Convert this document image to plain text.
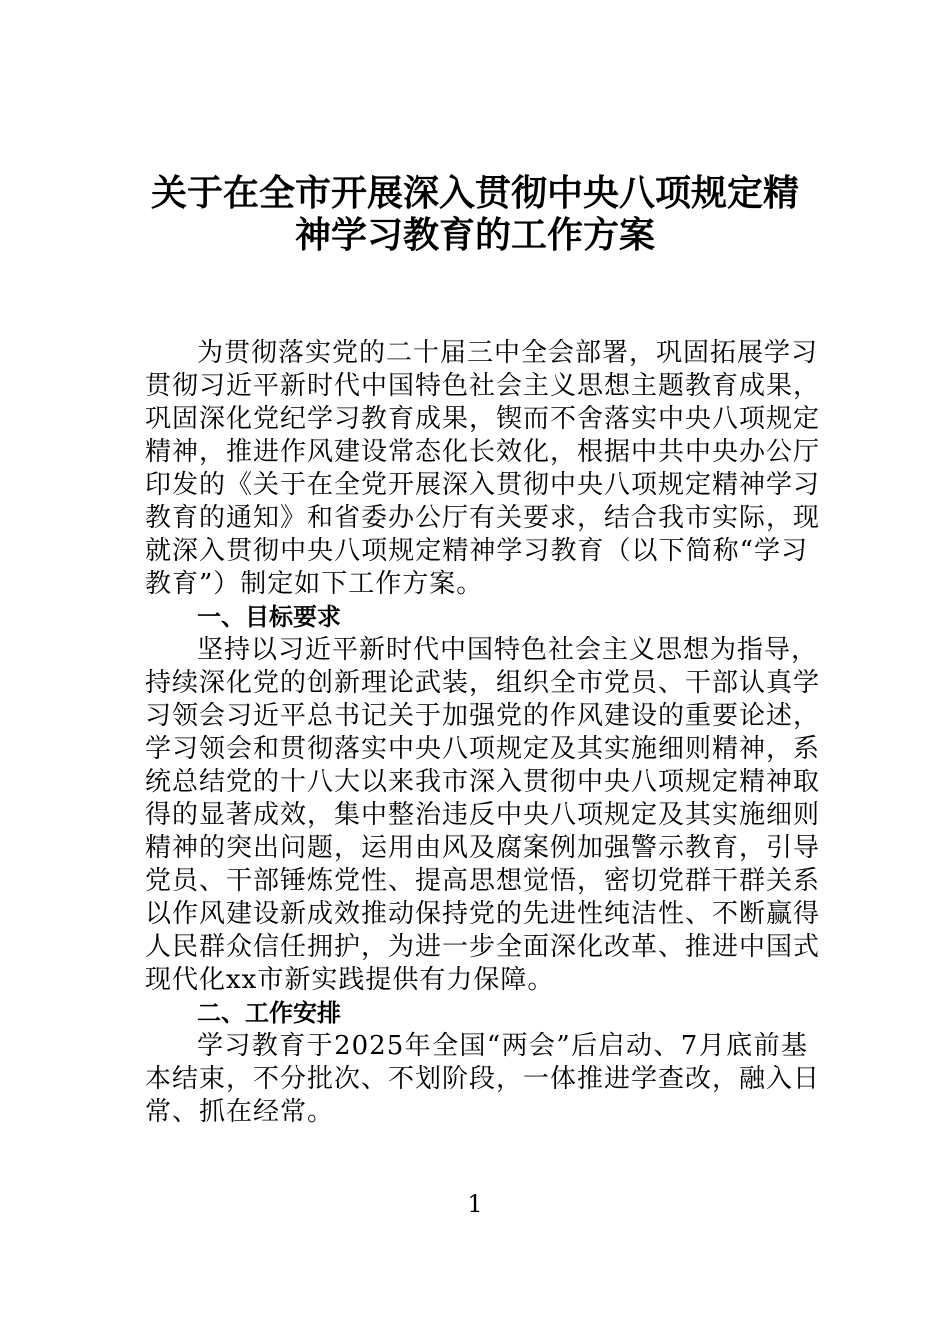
关于在全市开展深入贯彻中央八项规定精
神学习教育的工作方案
为贯彻落实党的二十届三中全会部署，巩固拓展学习
贯彻习近平新时代中国特色社会主义思想主题教育成果，
巩固深化党纪学习教育成果，锲而不舍落实中央八项规定
精神，推进作风建设常态化长效化，根据中共中央办公厅
印发的《关于在全党开展深入贯彻中央八项规定精神学习
教育的通知》和省委办公厅有关要求，结合我市实际，现
就深入贯彻中央八项规定精神学习教育（以下简称“学习
教育”）制定如下工作方案。
一、目标要求
坚持以习近平新时代中国特色社会主义思想为指导，
持续深化党的创新理论武装，组织全市党员、干部认真学
习领会习近平总书记关于加强党的作风建设的重要论述，
学习领会和贯彻落实中央八项规定及其实施细则精神，系
统总结党的十八大以来我市深入贯彻中央八项规定精神取
得的显著成效，集中整治违反中央八项规定及其实施细则
精神的突出问题，运用由风及腐案例加强警示教育，引导
党员、干部锤炼党性、提高思想觉悟，密切党群干群关系
以作风建设新成效推动保持党的先进性纯洁性、不断赢得
人民群众信任拥护，为进一步全面深化改革、推进中国式
现代化xx市新实践提供有力保障。
二、工作安排
学习教育于2025年全国“两会”后启动、7月底前基
本结束，不分批次、不划阶段，一体推进学查改，融入日
常、抓在经常。
1
